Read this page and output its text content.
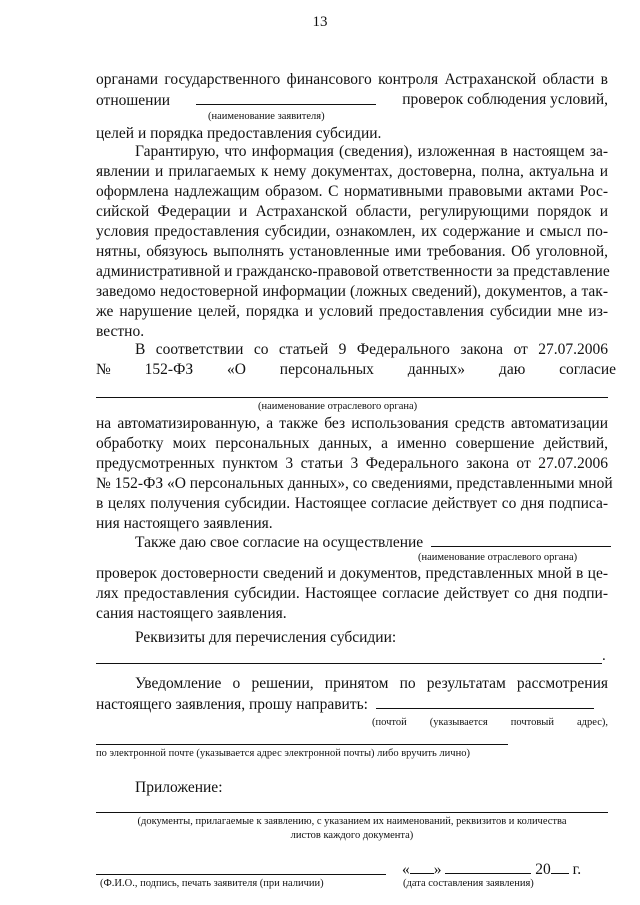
13
органами государственного финансового контроля Астраханской области в
отношении	проверок соблюдения условий,
(наименование заявителя)
целей и порядка предоставления субсидии.
Гарантирую, что информация (сведения), изложенная в настоящем за-
явлении и прилагаемых к нему документах, достоверна, полна, актуальна и
оформлена надлежащим образом. С нормативными правовыми актами Рос-
сийской Федерации и Астраханской области, регулирующими порядок и
условия предоставления субсидии, ознакомлен, их содержание и смысл по-
нятны, обязуюсь выполнять установленные ими требования. Об уголовной,
административной и гражданско-правовой ответственности за представление
заведомо недостоверной информации (ложных сведений), документов, а так-
же нарушение целей, порядка и условий предоставления субсидии мне из-
вестно.
В соответствии со статьей 9 Федерального закона от 27.07.2006
№ 152-ФЗ «О персональных данных» даю согласие
(наименование отраслевого органа)
на автоматизированную, а также без использования средств автоматизации
обработку моих персональных данных, а именно совершение действий,
предусмотренных пунктом 3 статьи 3 Федерального закона от 27.07.2006
№ 152-ФЗ «О персональных данных», со сведениями, представленными мной
в целях получения субсидии. Настоящее согласие действует со дня подписа-
ния настоящего заявления.
Также даю свое согласие на осуществление
(наименование отраслевого органа)
проверок достоверности сведений и документов, представленных мной в це-
лях предоставления субсидии. Настоящее согласие действует со дня подпи-
сания настоящего заявления.
Реквизиты для перечисления субсидии:
.
Уведомление о решении, принятом по результатам рассмотрения
настоящего заявления, прошу направить:
(почтой (указывается почтовый адрес),
по электронной почте (указывается адрес электронной почты) либо вручить лично)
Приложение:
(документы, прилагаемые к заявлению, с указанием их наименований, реквизитов и количества
листов каждого документа)
(Ф.И.О., подпись, печать заявителя (при наличии)
« »	20 г.
(дата составления заявления)
